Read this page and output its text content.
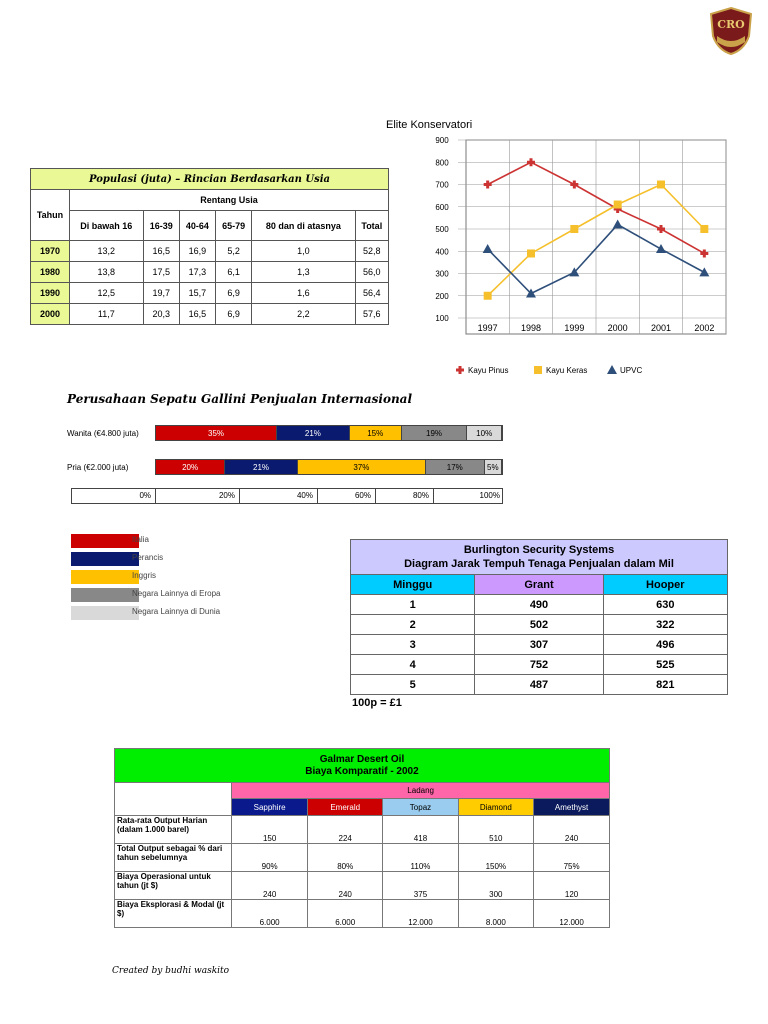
CRO
Populasi (juta) – Rincian Berdasarkan Usia						
Tahun	Rentang Usia					
	Di bawah 16	16-39	40-64	65-79	80 dan di atasnya	Total
1970	13,2	16,5	16,9	5,2	1,0	52,8
1980	13,8	17,5	17,3	6,1	1,3	56,0
1990	12,5	19,7	15,7	6,9	1,6	56,4
2000	11,7	20,3	16,5	6,9	2,2	57,6
Elite Konservatori
100
200
300
400
500
600
700
800
900
1997	1998	1999	2000	2001	2002
Kayu Pinus	Kayu Keras	UPVC
Perusahaan Sepatu Gallini Penjualan Internasional
Wanita (€4.800 juta)	35%	21%	15%	19%	10%
Pria (€2.000 juta)	20%	21%	37%	17%	5%
0%	20%	40%	60%	80%	100%
Italia
Perancis
Inggris
Negara Lainnya di Eropa
Negara Lainnya di Dunia
Burlington Security Systems
Diagram Jarak Tempuh Tenaga Penjualan dalam Mil		

Minggu	Grant	Hooper
1	490	630
2	502	322
3	307	496
4	752	525
5	487	821
100p = £1
Galmar Desert Oil
Biaya Komparatif - 2002					

	Ladang				
	Sapphire	Emerald	Topaz	Diamond	Amethyst
Rata-rata Output Harian (dalam 1.000 barel)	150	224	418	510	240
Total Output sebagai % dari tahun sebelumnya	90%	80%	110%	150%	75%
Biaya Operasional untuk tahun (jt $)	240	240	375	300	120
Biaya Eksplorasi & Modal (jt $)	6.000	6.000	12.000	8.000	12.000
Created by budhi waskito
